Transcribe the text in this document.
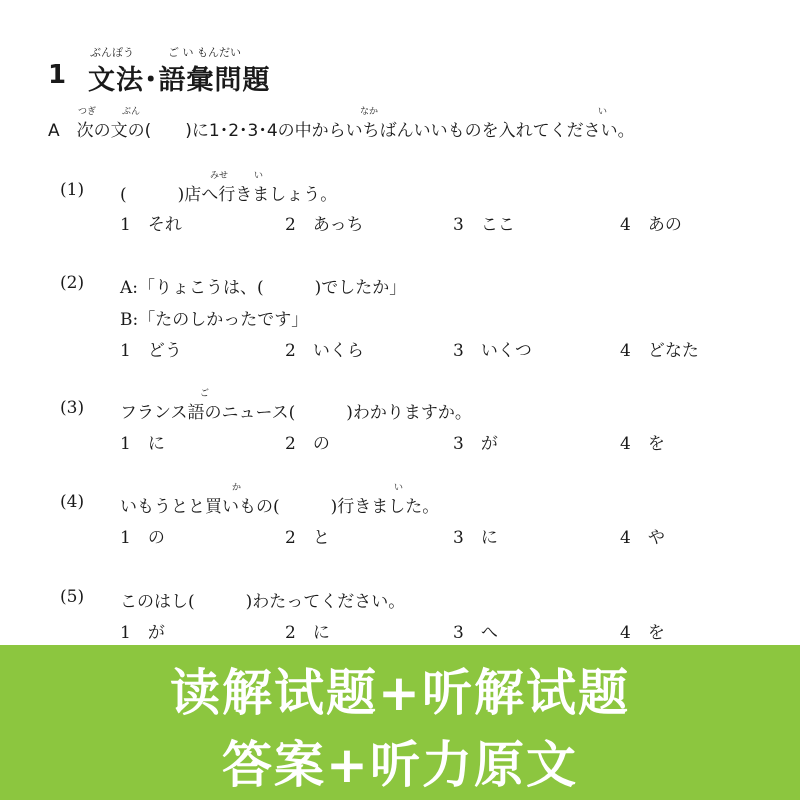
1
ぶんぽう	ご い もんだい
文法･語彙問題
つぎ	ぶん	なか	い
A　次の文の(　　)に1･2･3･4の中からいちばんいいものを入れてください。
(1)
みせ	い
(　　　)店へ行きましょう。
1　それ	2　あっち	3　ここ	4　あの
(2) A:「りょこうは、(　　　)でしたか」
B:「たのしかったです」
1　どう	2　いくら	3　いくつ	4　どなた
(3)
ご
フランス語のニュース(　　　)わかりますか。
1　に	2　の	3　が	4　を
(4)
か	い
いもうとと買いもの(　　　)行きました。
1　の	2　と	3　に	4　や
(5) このはし(　　　)わたってください。
1　が	2　に	3　へ	4　を
读解试题+听解试题
答案+听力原文
